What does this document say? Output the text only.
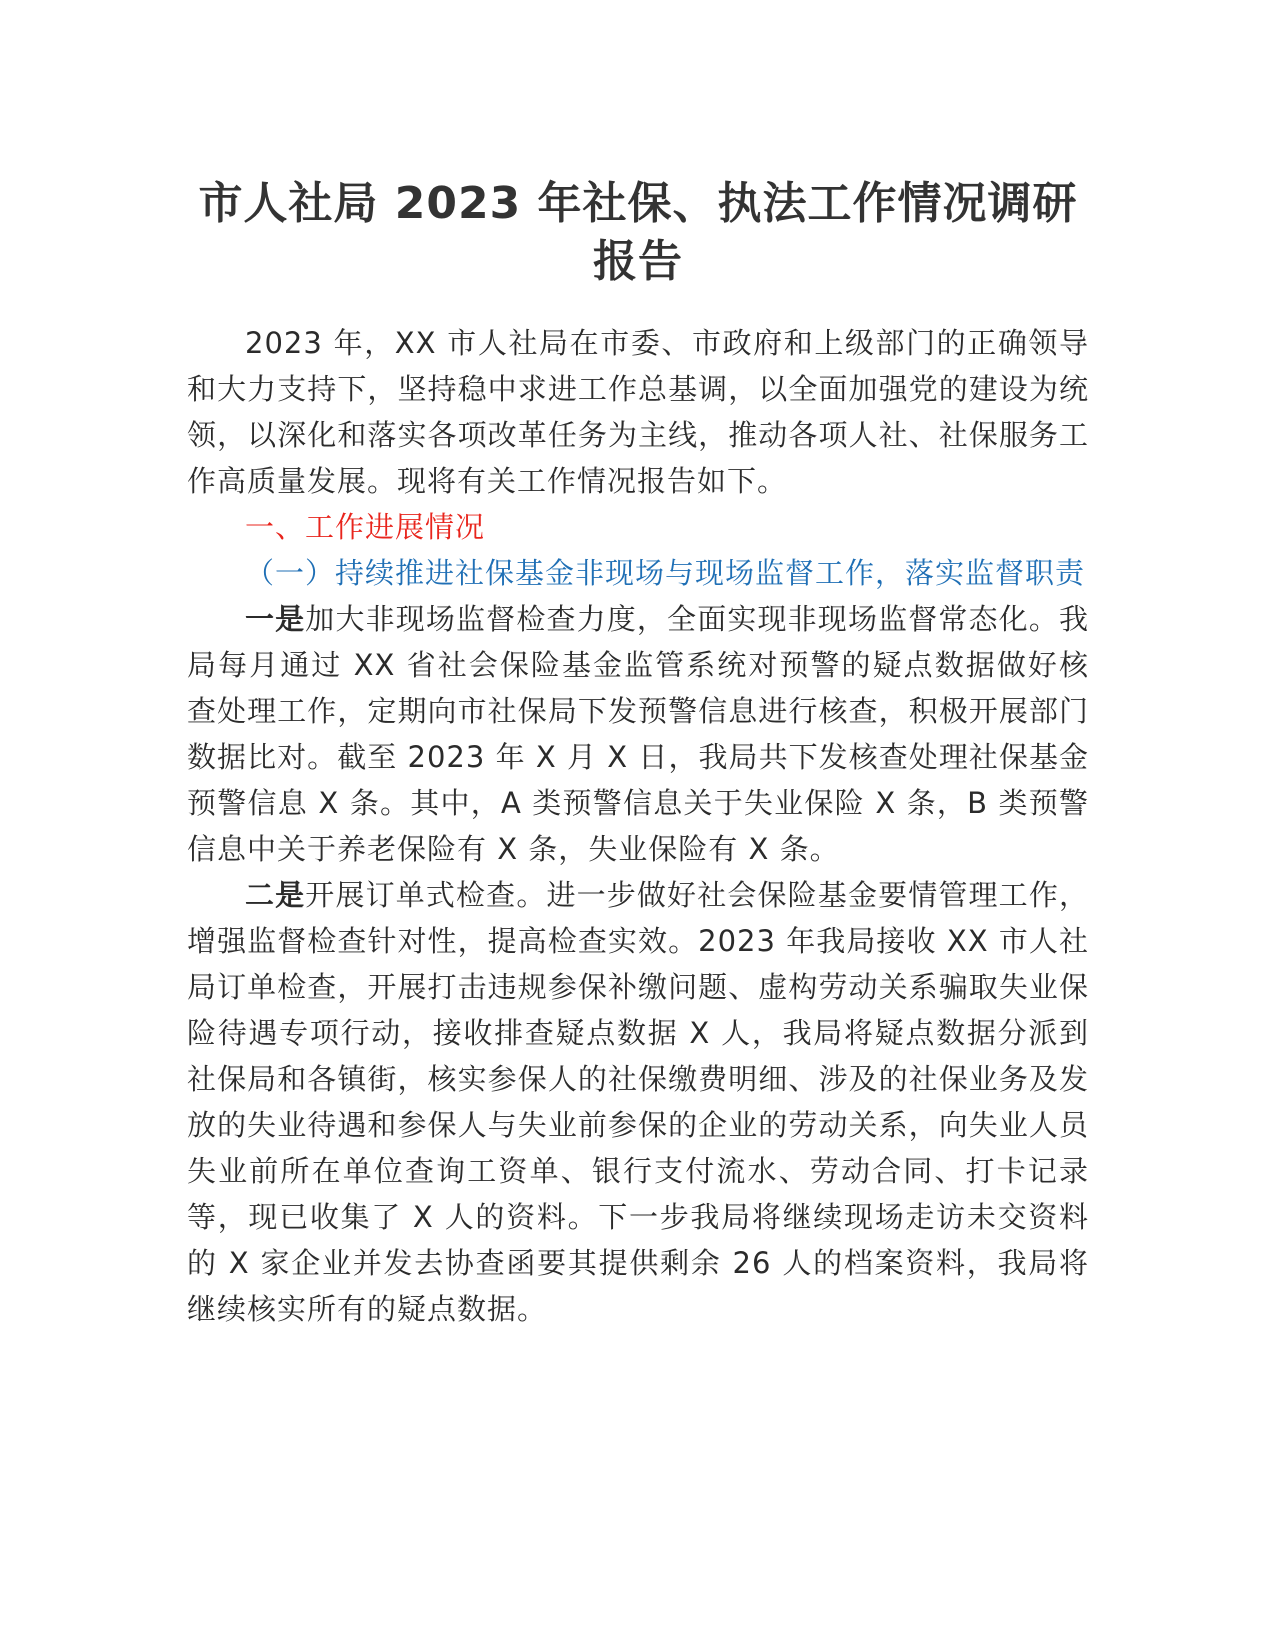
市人社局 2023 年社保、执法工作情况调研报告

2023 年，XX 市人社局在市委、市政府和上级部门的正确领导和大力支持下，坚持稳中求进工作总基调，以全面加强党的建设为统领，以深化和落实各项改革任务为主线，推动各项人社、社保服务工作高质量发展。现将有关工作情况报告如下。

一、工作进展情况

（一）持续推进社保基金非现场与现场监督工作，落实监督职责

一是加大非现场监督检查力度，全面实现非现场监督常态化。我局每月通过 XX 省社会保险基金监管系统对预警的疑点数据做好核查处理工作，定期向市社保局下发预警信息进行核查，积极开展部门数据比对。截至 2023 年 X 月 X 日，我局共下发核查处理社保基金预警信息 X 条。其中，A 类预警信息关于失业保险 X 条，B 类预警信息中关于养老保险有 X 条，失业保险有 X 条。

二是开展订单式检查。进一步做好社会保险基金要情管理工作，增强监督检查针对性，提高检查实效。2023 年我局接收 XX 市人社局订单检查，开展打击违规参保补缴问题、虚构劳动关系骗取失业保险待遇专项行动，接收排查疑点数据 X 人，我局将疑点数据分派到社保局和各镇街，核实参保人的社保缴费明细、涉及的社保业务及发放的失业待遇和参保人与失业前参保的企业的劳动关系，向失业人员失业前所在单位查询工资单、银行支付流水、劳动合同、打卡记录等，现已收集了 X 人的资料。下一步我局将继续现场走访未交资料的 X 家企业并发去协查函要其提供剩余 26 人的档案资料，我局将继续核实所有的疑点数据。
